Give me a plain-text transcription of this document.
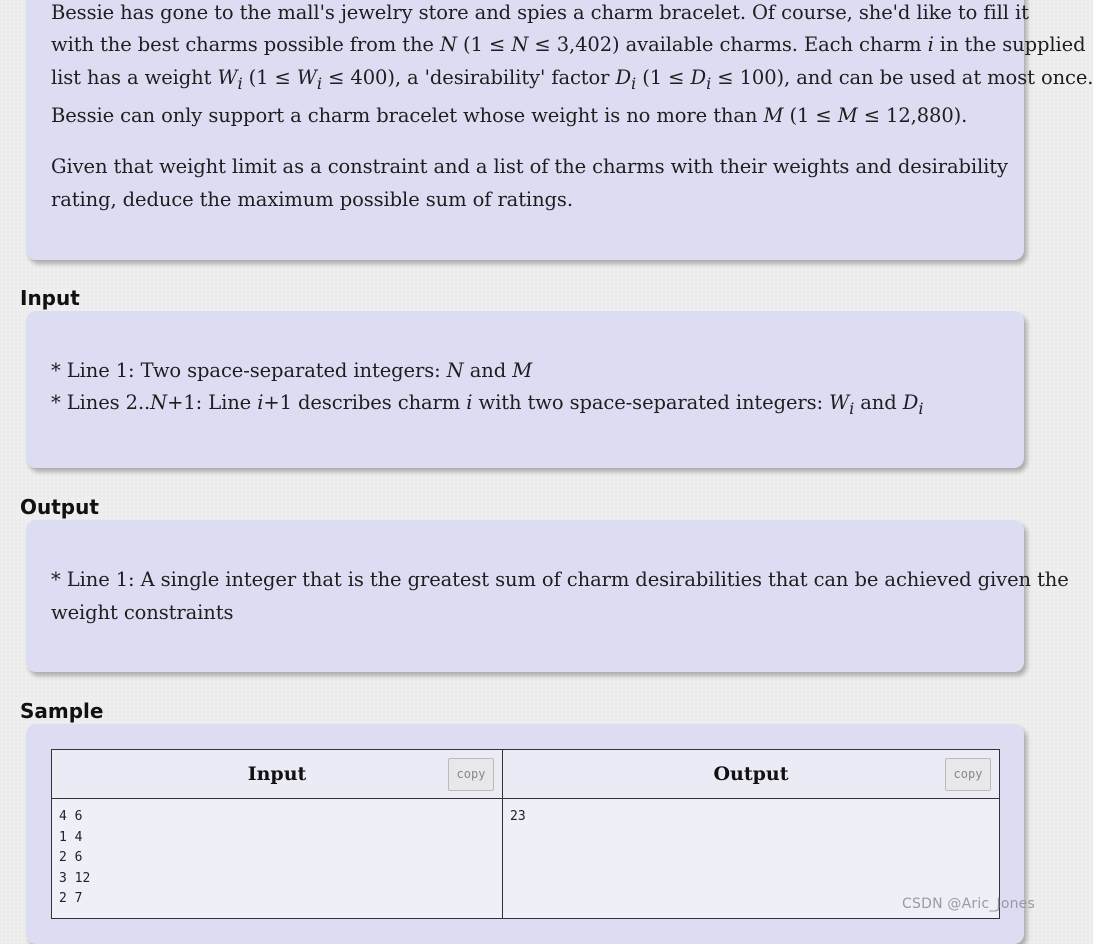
Bessie has gone to the mall's jewelry store and spies a charm bracelet. Of course, she'd like to fill it
with the best charms possible from the N (1 ≤ N ≤ 3,402) available charms. Each charm i in the supplied
list has a weight $W_i$ $(1 \le W_i \le 400)$, a 'desirability' factor $D_i$ $(1 \le D_i \le 100)$, and can be used at most once.
Bessie can only support a charm bracelet whose weight is no more than M (1 ≤ M ≤ 12,880).
Given that weight limit as a constraint and a list of the charms with their weights and desirability
rating, deduce the maximum possible sum of ratings.
Input
* Line 1: Two space-separated integers: N and M
* Lines 2..N+1: Line i+1 describes charm i with two space-separated integers: $W_i$ and $D_i$
Output
* Line 1: A single integer that is the greatest sum of charm desirabilities that can be achieved given the
weight constraints
Sample
Input copy	Output copy

4 6
1 4
2 6
3 12
2 7	23
CSDN @Aric_Jones
